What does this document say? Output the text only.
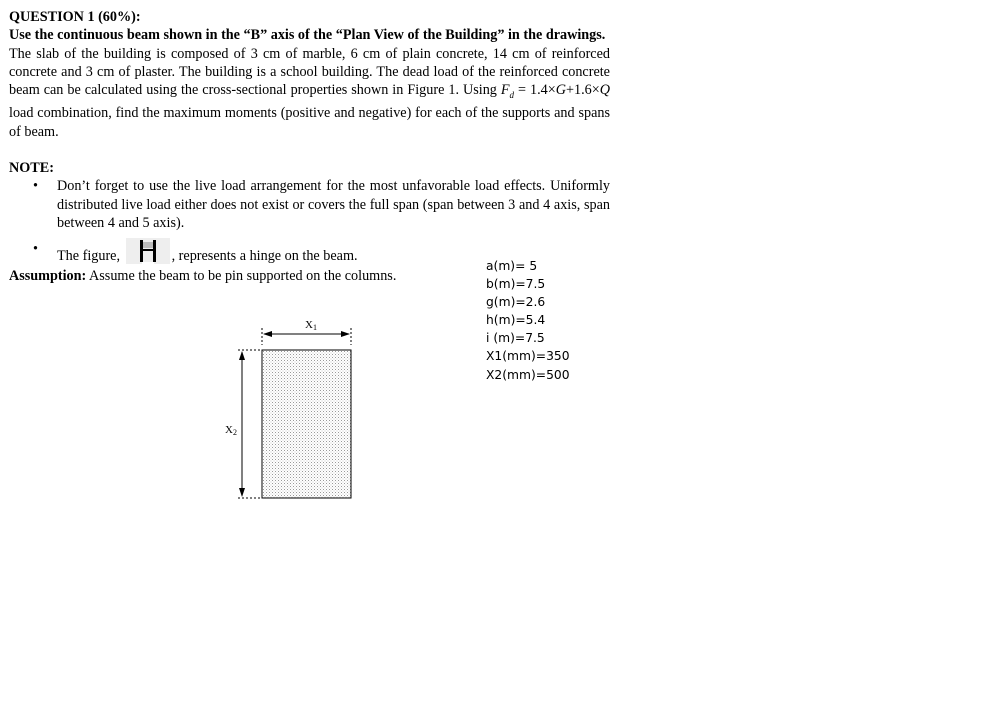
QUESTION 1 (60%):
Use the continuous beam shown in the “B” axis of the “Plan View of the Building” in the drawings.
The slab of the building is composed of 3 cm of marble, 6 cm of plain concrete, 14 cm of reinforced concrete and 3 cm of plaster. The building is a school building. The dead load of the reinforced concrete beam can be calculated using the cross-sectional properties shown in Figure 1. Using $F_d = 1.4\times G+1.6\times Q$ load combination, find the maximum moments (positive and negative) for each of the supports and spans of beam.
NOTE:
• Don’t forget to use the live load arrangement for the most unfavorable load effects. Uniformly distributed live load either does not exist or covers the full span (span between 3 and 4 axis, span between 4 and 5 axis).
• The figure,	, represents a hinge on the beam.
Assumption: Assume the beam to be pin supported on the columns.
a(m)= 5
b(m)=7.5
g(m)=2.6
h(m)=5.4
i (m)=7.5
X1(mm)=350
X2(mm)=500
X1
X2
